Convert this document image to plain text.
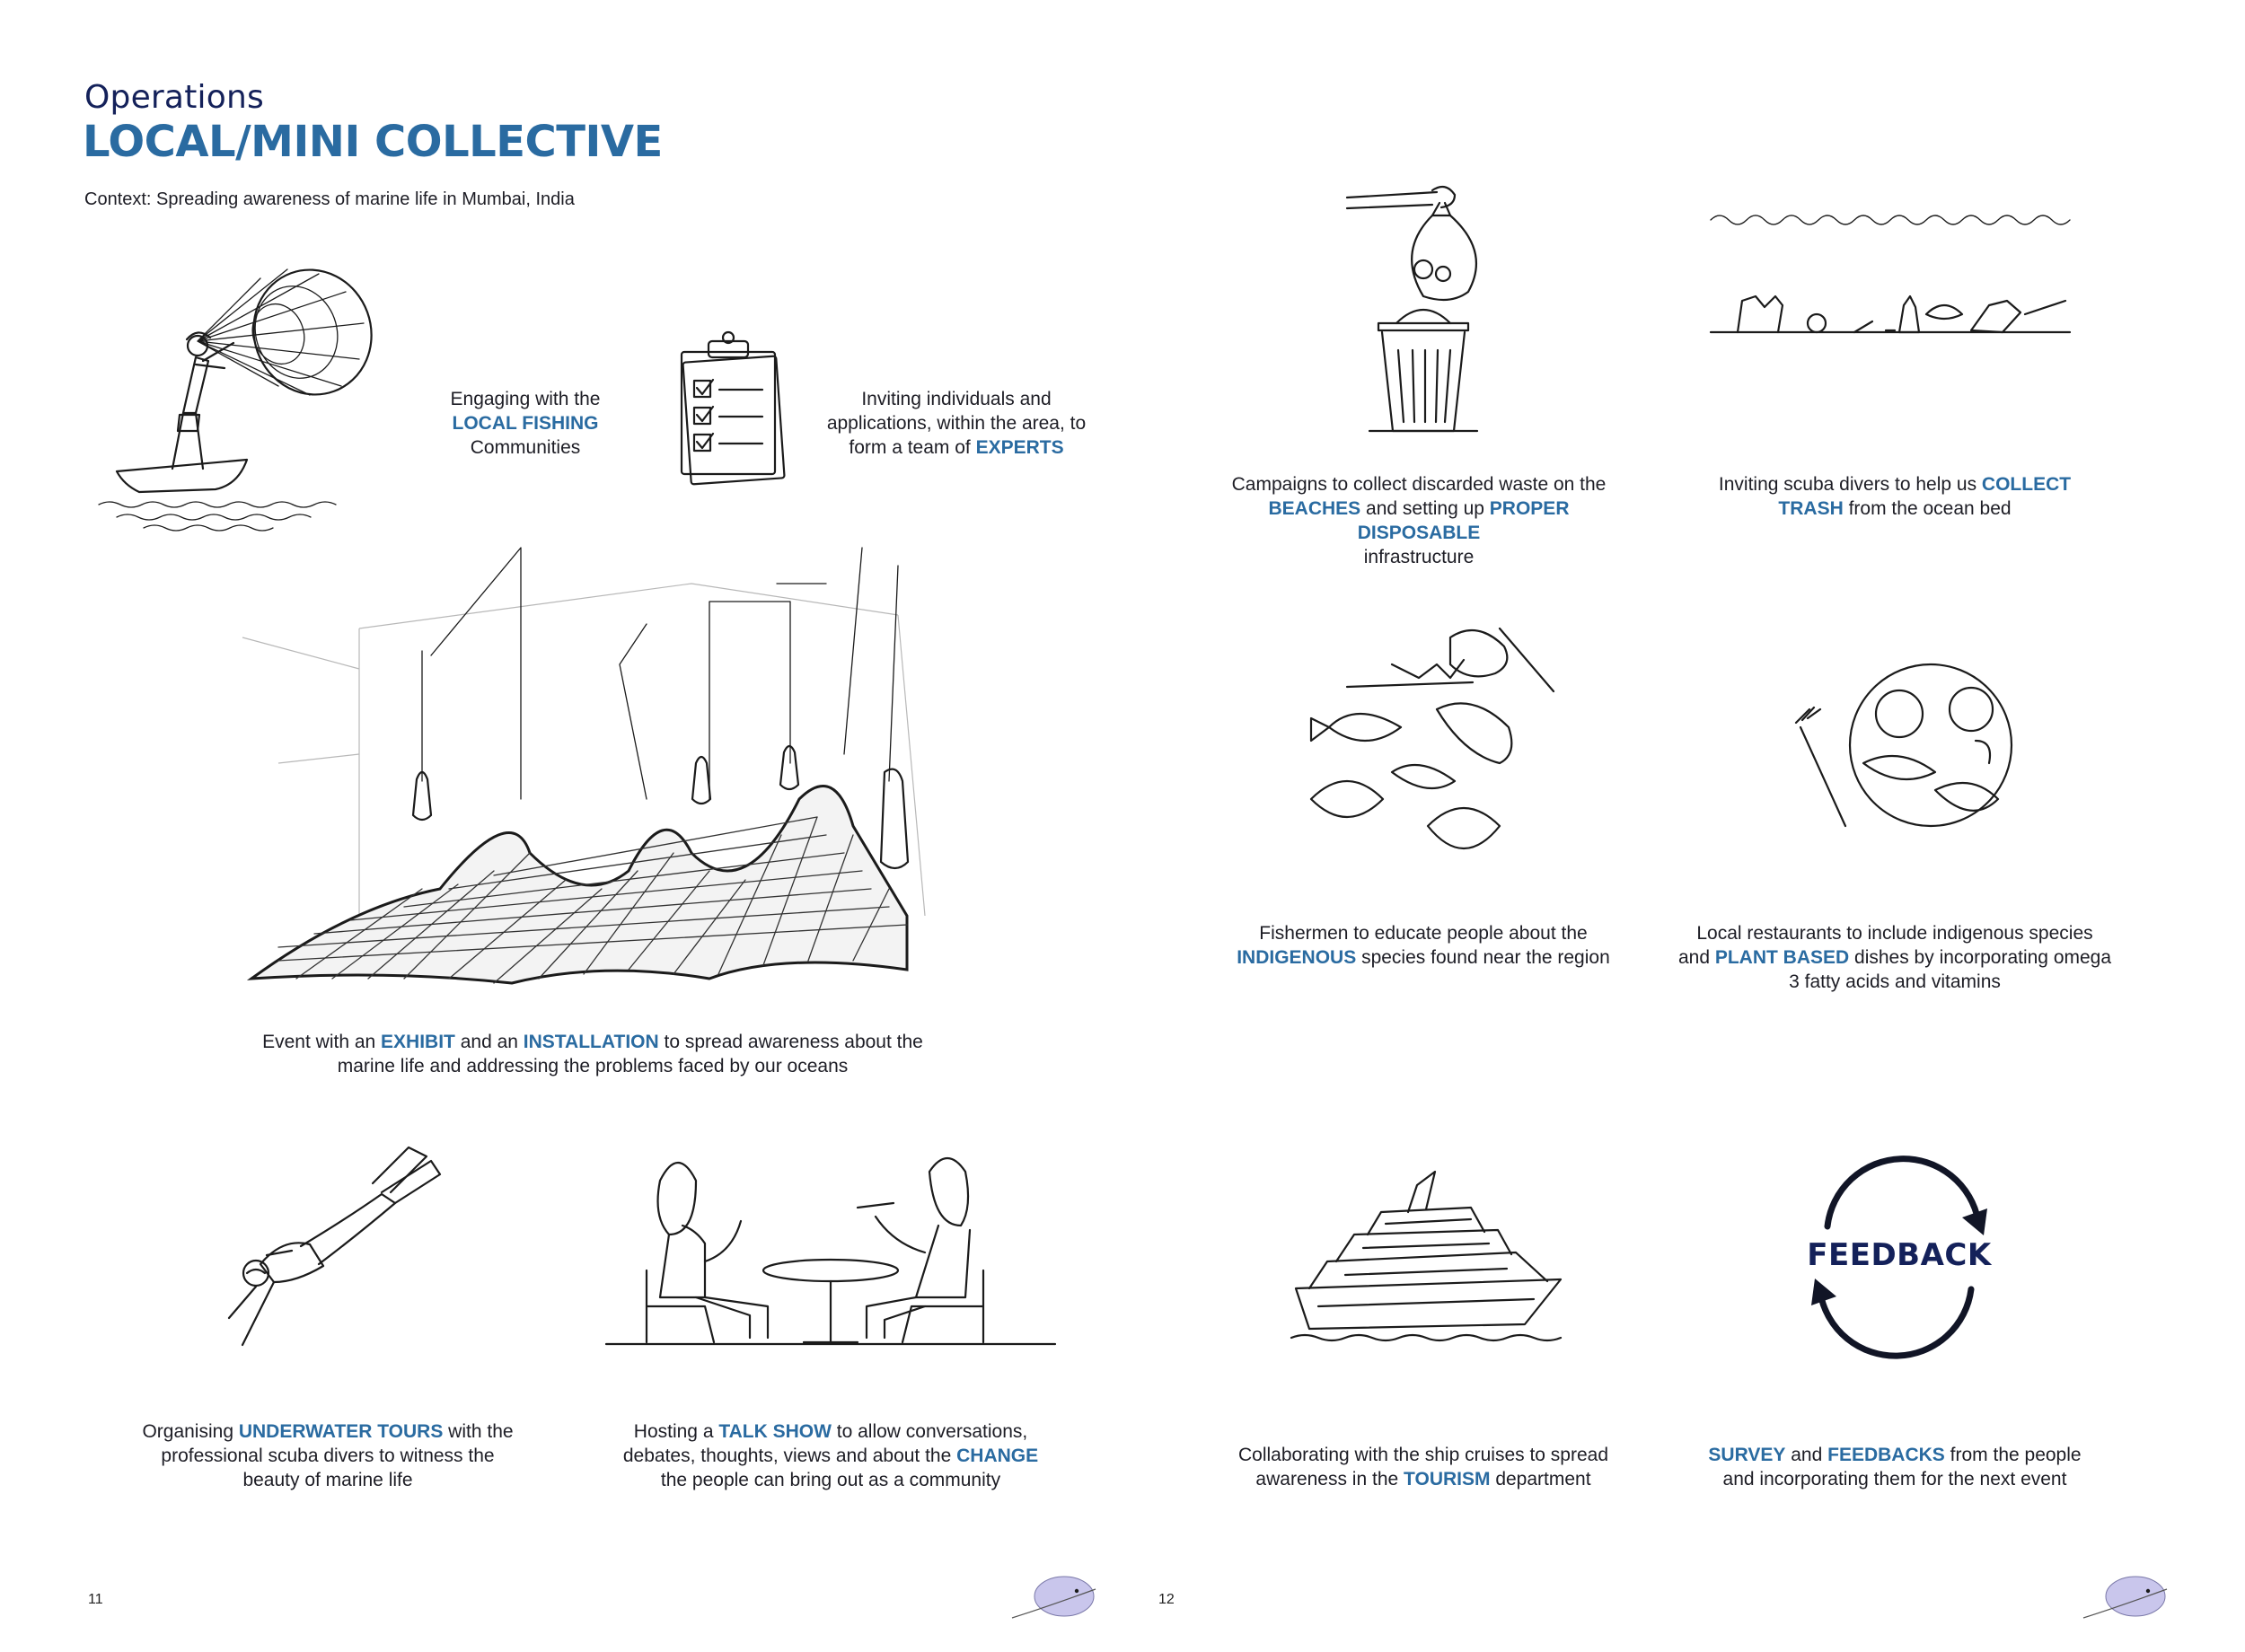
Operations
LOCAL/MINI COLLECTIVE
Context: Spreading awareness of marine life in Mumbai, India
Engaging with the
LOCAL FISHING
Communities
Inviting individuals and
applications, within the area, to
form a team of EXPERTS
Event with an EXHIBIT and an INSTALLATION to spread awareness about the
marine life and addressing the problems faced by our oceans
Organising UNDERWATER TOURS with the
professional scuba divers to witness the
beauty of marine life
Hosting a TALK SHOW to allow conversations,
debates, thoughts, views and about the CHANGE
the people can bring out as a community
11
Campaigns to collect discarded waste on the
BEACHES and setting up PROPER DISPOSABLE
infrastructure
Inviting scuba divers to help us COLLECT
TRASH from the ocean bed
Fishermen to educate people about the
INDIGENOUS species found near the region
Local restaurants to include indigenous species
and PLANT BASED dishes by incorporating omega
3 fatty acids and vitamins
Collaborating with the ship cruises to spread
awareness in the TOURISM department
FEEDBACK
SURVEY and FEEDBACKS from the people
and incorporating them for the next event
12
